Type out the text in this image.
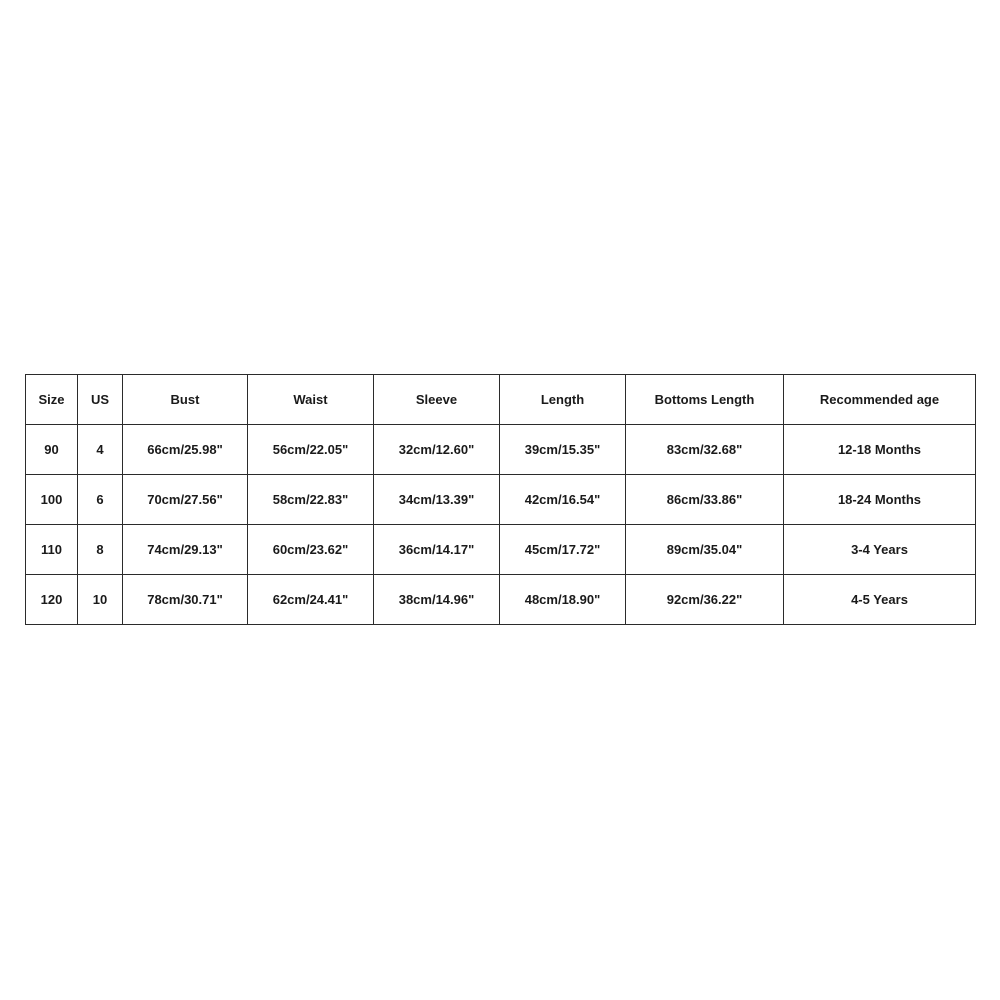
Size	US	Bust	Waist	Sleeve	Length	Bottoms Length	Recommended age
90	4	66cm/25.98"	56cm/22.05"	32cm/12.60"	39cm/15.35"	83cm/32.68"	12-18 Months
100	6	70cm/27.56"	58cm/22.83"	34cm/13.39"	42cm/16.54"	86cm/33.86"	18-24 Months
110	8	74cm/29.13"	60cm/23.62"	36cm/14.17"	45cm/17.72"	89cm/35.04"	3-4 Years
120	10	78cm/30.71"	62cm/24.41"	38cm/14.96"	48cm/18.90"	92cm/36.22"	4-5 Years
